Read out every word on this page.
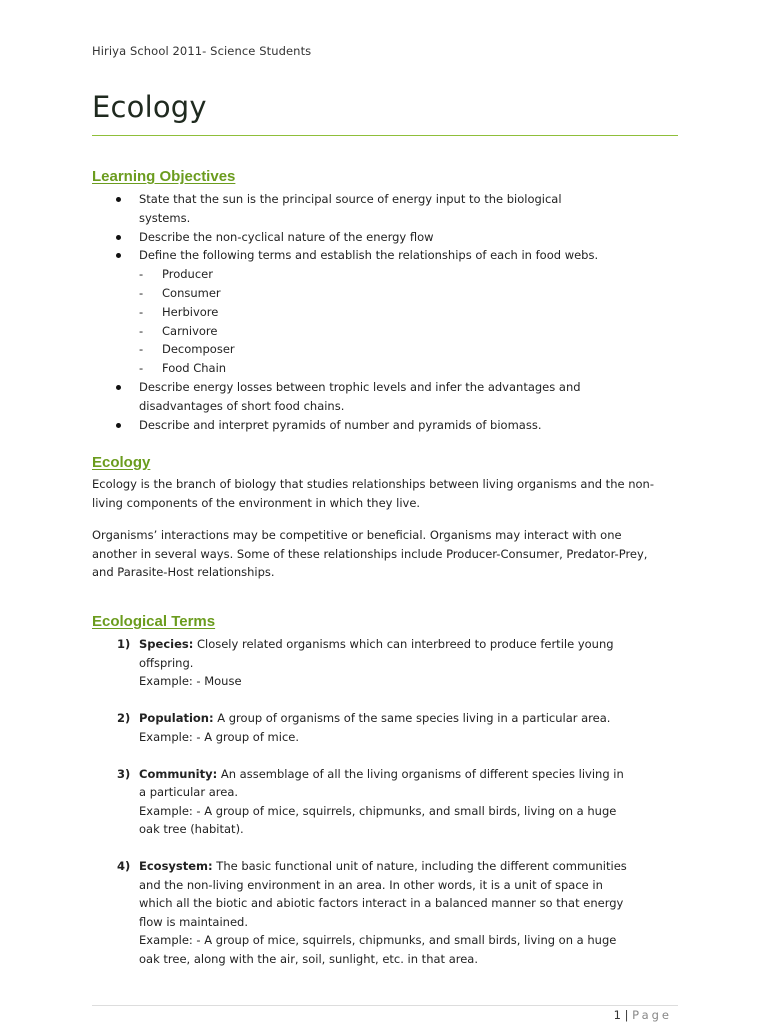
Hiriya School 2011- Science Students
Ecology
Learning Objectives
State that the sun is the principal source of energy input to the biological systems.
Describe the non-cyclical nature of the energy flow
Define the following terms and establish the relationships of each in food webs.
- Producer
- Consumer
- Herbivore
- Carnivore
- Decomposer
- Food Chain
Describe energy losses between trophic levels and infer the advantages and disadvantages of short food chains.
Describe and interpret pyramids of number and pyramids of biomass.
Ecology
Ecology is the branch of biology that studies relationships between living organisms and the non-living components of the environment in which they live.
Organisms’ interactions may be competitive or beneficial. Organisms may interact with one another in several ways. Some of these relationships include Producer-Consumer, Predator-Prey, and Parasite-Host relationships.
Ecological Terms
1) Species: Closely related organisms which can interbreed to produce fertile young offspring.
Example: - Mouse
2) Population: A group of organisms of the same species living in a particular area.
Example: - A group of mice.
3) Community: An assemblage of all the living organisms of different species living in a particular area.
Example: - A group of mice, squirrels, chipmunks, and small birds, living on a huge oak tree (habitat).
4) Ecosystem: The basic functional unit of nature, including the different communities and the non-living environment in an area. In other words, it is a unit of space in which all the biotic and abiotic factors interact in a balanced manner so that energy flow is maintained.
Example: - A group of mice, squirrels, chipmunks, and small birds, living on a huge oak tree, along with the air, soil, sunlight, etc. in that area.
1 | Page
